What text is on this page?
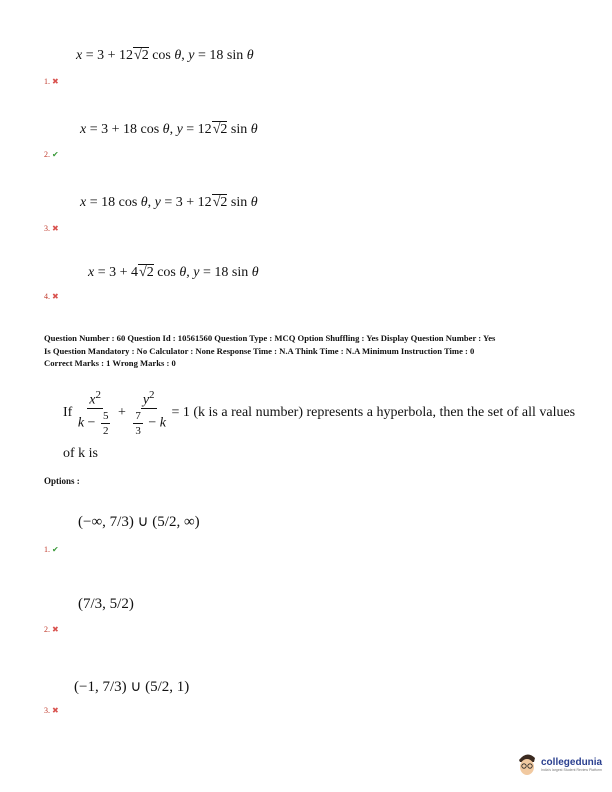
x = 3 + 12√2 cos θ, y = 18 sin θ
1. ✖
x = 3 + 18 cos θ, y = 12√2 sin θ
2. ✔
x = 18 cos θ, y = 3 + 12√2 sin θ
3. ✖
x = 3 + 4√2 cos θ, y = 18 sin θ
4. ✖
Question Number : 60 Question Id : 10561560 Question Type : MCQ Option Shuffling : Yes Display Question Number : Yes
Is Question Mandatory : No Calculator : None Response Time : N.A Think Time : N.A Minimum Instruction Time : 0
Correct Marks : 1 Wrong Marks : 0
If $\frac{x^2}{k - \frac{5}{2}} + \frac{y^2}{\frac{7}{3} - k} = 1$ (k is a real number) represents a hyperbola, then the set of all values
of k is
Options :
(−∞, 7/3) ∪ (5/2, ∞)
1. ✔
(7/3, 5/2)
2. ✖
(−1, 7/3) ∪ (5/2, 1)
3. ✖
collegedunia
India's largest Student Review Platform
